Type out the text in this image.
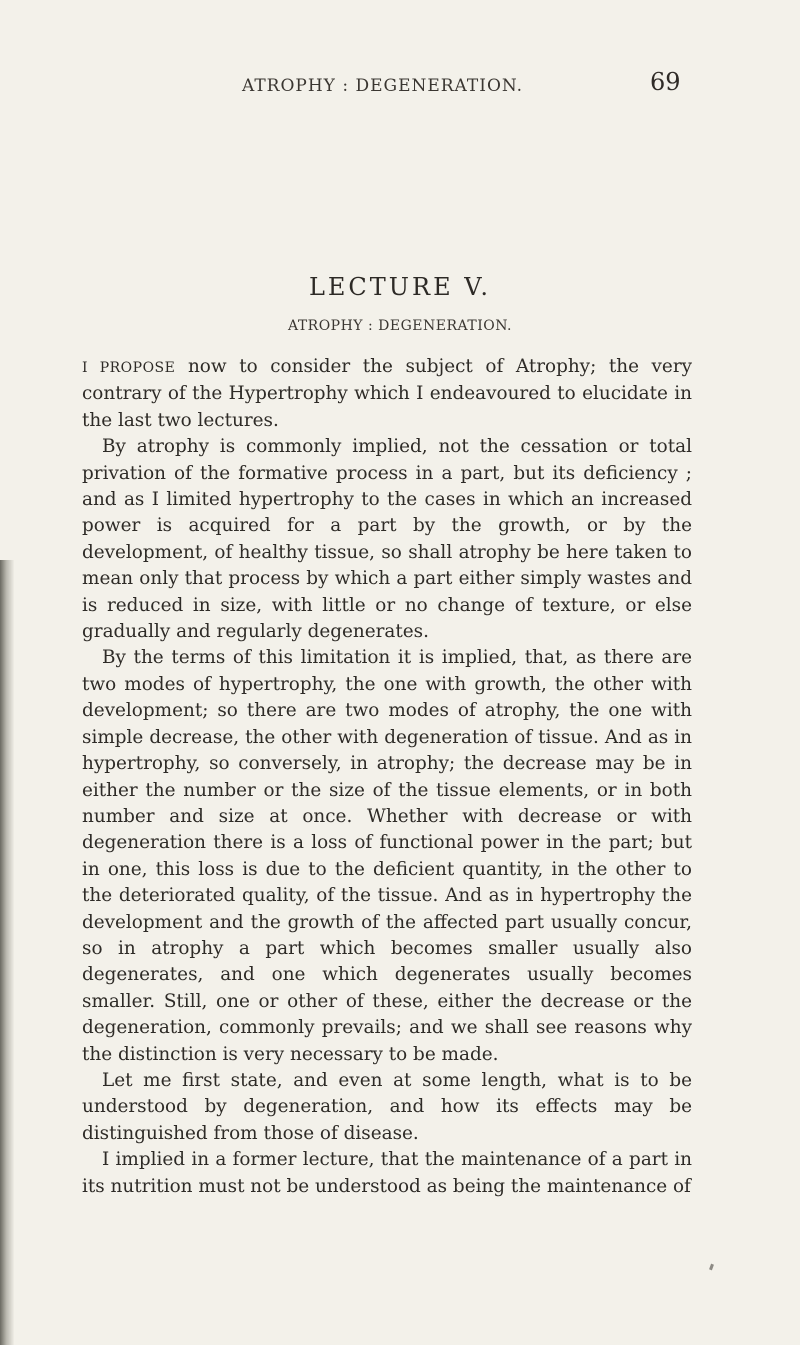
ATROPHY : DEGENERATION.	69
LECTURE V.
ATROPHY : DEGENERATION.

I PROPOSE now to consider the subject of Atrophy; the very contrary of the Hypertrophy which I endeavoured to elucidate in the last two lectures.

By atrophy is commonly implied, not the cessation or total privation of the formative process in a part, but its deficiency ; and as I limited hypertrophy to the cases in which an increased power is acquired for a part by the growth, or by the development, of healthy tissue, so shall atrophy be here taken to mean only that process by which a part either simply wastes and is reduced in size, with little or no change of texture, or else gradually and regularly degenerates.

By the terms of this limitation it is implied, that, as there are two modes of hypertrophy, the one with growth, the other with development; so there are two modes of atrophy, the one with simple decrease, the other with degeneration of tissue. And as in hypertrophy, so conversely, in atrophy; the decrease may be in either the number or the size of the tissue elements, or in both number and size at once. Whether with decrease or with degeneration there is a loss of functional power in the part; but in one, this loss is due to the deficient quantity, in the other to the deteriorated quality, of the tissue. And as in hypertrophy the development and the growth of the affected part usually concur, so in atrophy a part which becomes smaller usually also degenerates, and one which degenerates usually becomes smaller. Still, one or other of these, either the decrease or the degeneration, commonly prevails; and we shall see reasons why the distinction is very necessary to be made.

Let me first state, and even at some length, what is to be understood by degeneration, and how its effects may be distinguished from those of disease.

I implied in a former lecture, that the maintenance of a part in its nutrition must not be understood as being the maintenance of
